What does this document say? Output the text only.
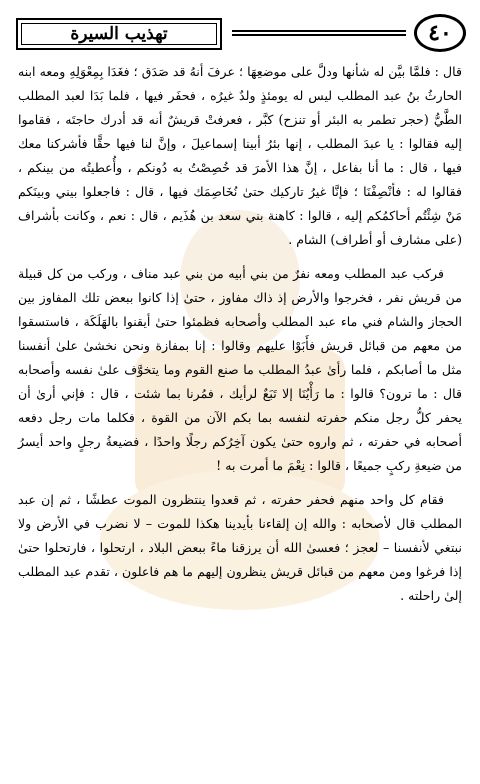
تهذيب السيرة	٤٠

قال : فلمَّا بيَّن له شأنها ودلَّ على موضعِهَا ؛ عرفَ أنهُ قد صَدَق ؛ فغَدَا بِمِعْوَلِهِ ومعه ابنه الحارثُ بنُ عبد المطلب ليس له يومئذٍ ولدٌ غيرُه ، فحفَر فيها ، فلما بَدَا لعبد المطلب الطَّيُّ (حجر تطمر به البئر أو تنزح) كبَّر ، فعرفتْ قريشٌ أنه قد أدرك حاجتَه ، فقاموا إليه فقالوا : يا عبدَ المطلب ، إنها بئرُ أبينا إسماعيلَ ، وإنَّ لنا فيها حقًّا فأشركنا معك فيها ، قال : ما أنا بفاعل ، إنَّ هذا الأمرَ قد خُصِصْتُ به دُونكم ، وأُعطيتُه من بينكم ، فقالوا له : فأنْصِفْنَا ؛ فإنَّا غيرُ تاركيك حتىٰ نُخَاصِمَك فيها ، قال : فاجعلوا بيني وبينَكم مَنْ شِئْتُم أحاكمُكم إليه ، قالوا : كاهنة بني سعد بن هُذَيم ، قال : نعم ، وكانت بأشراف (على مشارف أو أطراف) الشام .

فركب عبد المطلب ومعه نفرٌ من بني أبيه من بني عبد مناف ، وركب من كل قبيلة من قريش نفر ، فخرجوا والأرض إذ ذاك مفاوز ، حتىٰ إذا كانوا ببعض تلك المفاوز بين الحجاز والشام فني ماء عبد المطلب وأصحابه فظمئوا حتىٰ أيقنوا بالهَلَكَة ، فاستسقوا من معهم من قبائل قريش فأَبَوْا عليهم وقالوا : إنا بمفازة ونحن نخشىٰ علىٰ أنفسنا مثل ما أصابكم ، فلما رأىٰ عبدُ المطلب ما صنع القوم وما يتخوَّف علىٰ نفسه وأصحابه قال : ما ترون؟ قالوا : ما رَأْيُنَا إلا تَبَعٌ لرأيك ، فمُرنا بما شئت ، قال : فإني أرىٰ أن يحفر كلُّ رجل منكم حفرته لنفسه بما بكم الآن من القوة ، فكلما مات رجل دفعه أصحابه في حفرته ، ثم واروه حتىٰ يكون آخِرُكم رجلًا واحدًا ، فضيعةُ رجلٍ واحد أيسرُ من ضيعةِ ركبٍ جميعًا ، قالوا : نِعْمَ ما أمرت به !

فقام كل واحد منهم فحفر حفرته ، ثم قعدوا ينتظرون الموت عطشًا ، ثم إن عبد المطلب قال لأصحابه : والله إن إلقاءنا بأيدينا هكذا للموت – لا نضرب في الأرض ولا نبتغي لأنفسنا – لعجز ؛ فعسىٰ الله أن يرزقنا ماءً ببعض البلاد ، ارتحلوا ، فارتحلوا حتىٰ إذا فرغوا ومن معهم من قبائل قريش ينظرون إليهم ما هم فاعلون ، تقدم عبد المطلب إلىٰ راحلته .
